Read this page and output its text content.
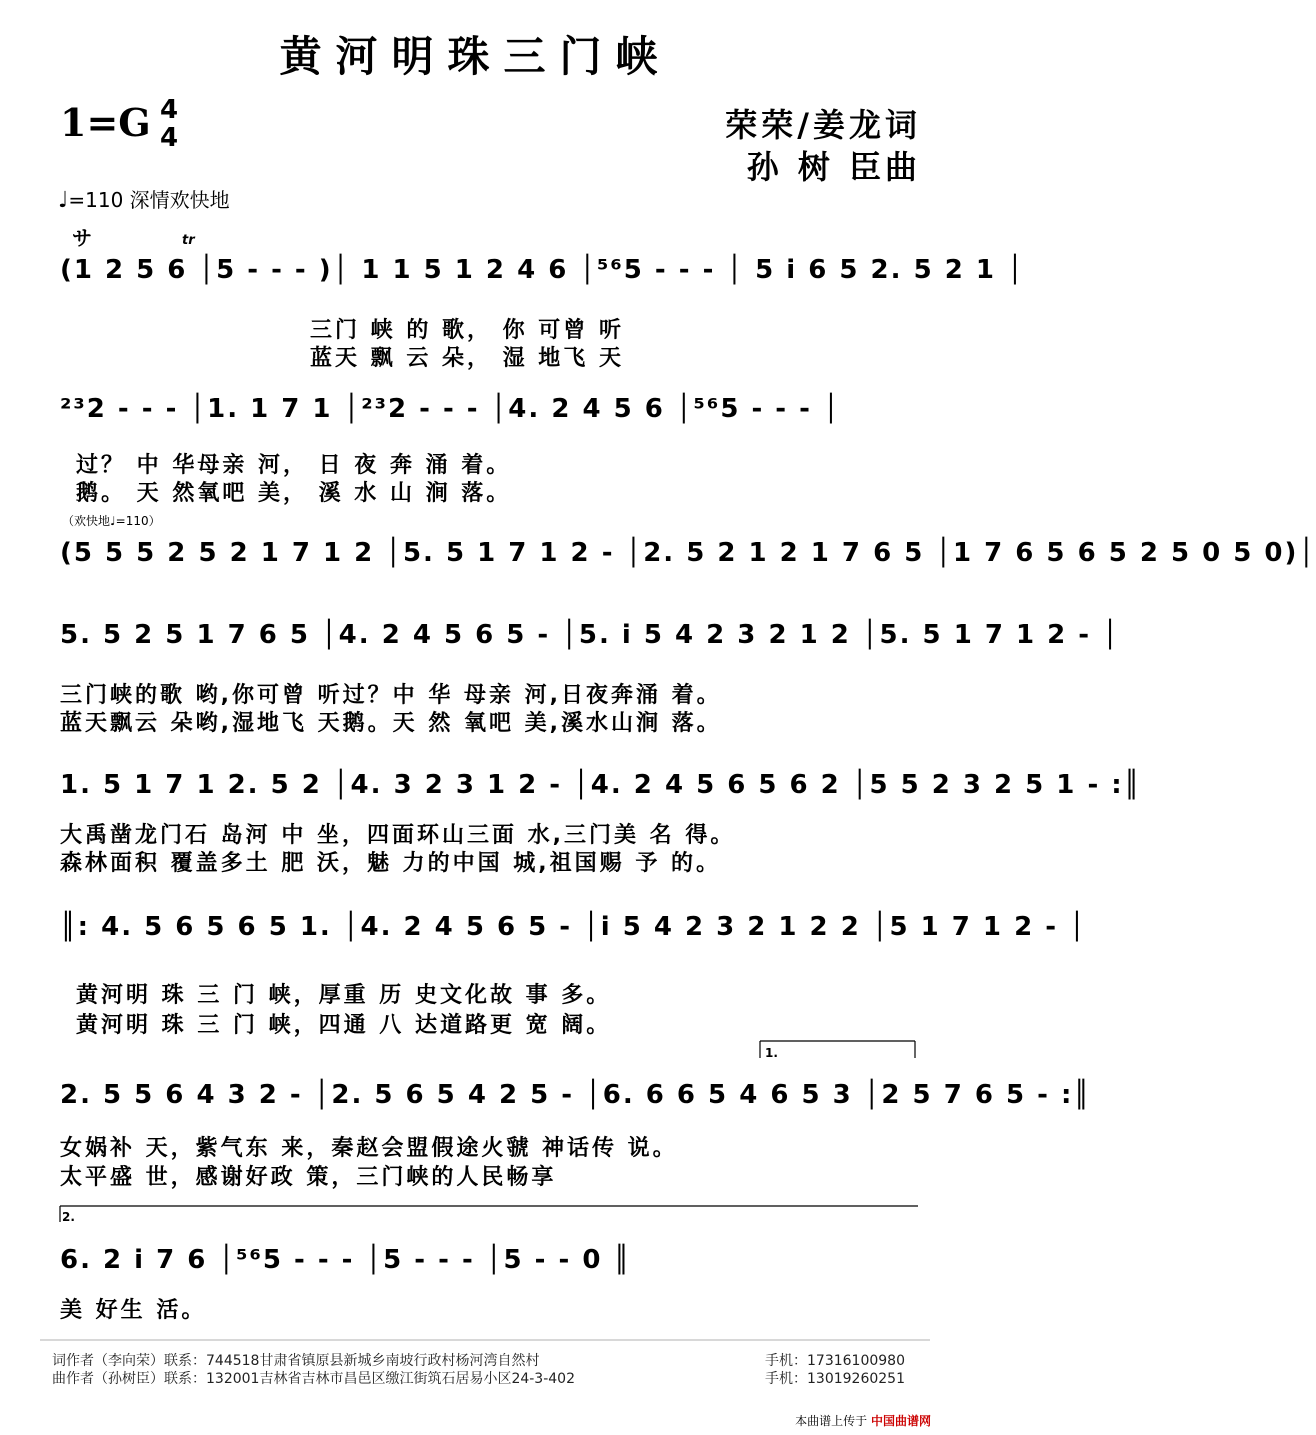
黄河明珠三门峡
1=G 4
4	荣荣/姜龙词
孙 树 臣曲
♩=110 深情欢快地
サ	tr
（欢快地♩=110）
1.
2.
(1 2 5 6 │5 - - - )│ 1 1 5 1 2 4 6 │⁵⁶5 - - - │ 5 i 6 5 2. 5 2 1 │
三门 峡 的 歌， 你 可曾 听
蓝天 飘 云 朵， 湿 地飞 天
²³2 - - - │1. 1 7 1 │²³2 - - - │4. 2 4 5 6 │⁵⁶5 - - - │
过？ 中 华母亲 河， 日 夜 奔 涌 着。
鹅。 天 然氧吧 美， 溪 水 山 涧 落。
(5 5 5 2 5 2 1 7 1 2 │5. 5 1 7 1 2 - │2. 5 2 1 2 1 7 6 5 │1 7 6 5 6 5 2 5 0 5 0)│
5. 5 2 5 1 7 6 5 │4. 2 4 5 6 5 - │5. i 5 4 2 3 2 1 2 │5. 5 1 7 1 2 - │
三门峡的歌 哟,你可曾 听过？中 华 母亲 河,日夜奔涌 着。
蓝天飘云 朵哟,湿地飞 天鹅。天 然 氧吧 美,溪水山涧 落。
1. 5 1 7 1 2. 5 2 │4. 3 2 3 1 2 - │4. 2 4 5 6 5 6 2 │5 5 2 3 2 5 1 - :║
大禹凿龙门石 岛河 中 坐，四面环山三面 水,三门美 名 得。
森林面积 覆盖多土 肥 沃，魅 力的中国 城,祖国赐 予 的。
║: 4. 5 6 5 6 5 1. │4. 2 4 5 6 5 - │i 5 4 2 3 2 1 2 2 │5 1 7 1 2 - │
黄河明 珠 三 门 峡，厚重 历 史文化故 事 多。
黄河明 珠 三 门 峡，四通 八 达道路更 宽 阔。
2. 5 5 6 4 3 2 - │2. 5 6 5 4 2 5 - │6. 6 6 5 4 6 5 3 │2 5 7 6 5 - :║
女娲补 天，紫气东 来，秦赵会盟假途火虢 神话传 说。
太平盛 世，感谢好政 策，三门峡的人民畅享
6. 2 i 7 6 │⁵⁶5 - - - │5 - - - │5 - - 0 ║
美 好生 活。
词作者（李向荣）联系：744518甘肃省镇原县新城乡南坡行政村杨河湾自然村	手机：17316100980
曲作者（孙树臣）联系：132001吉林省吉林市昌邑区缴江街筑石居易小区24-3-402	手机：13019260251
本曲谱上传于 中国曲谱网
